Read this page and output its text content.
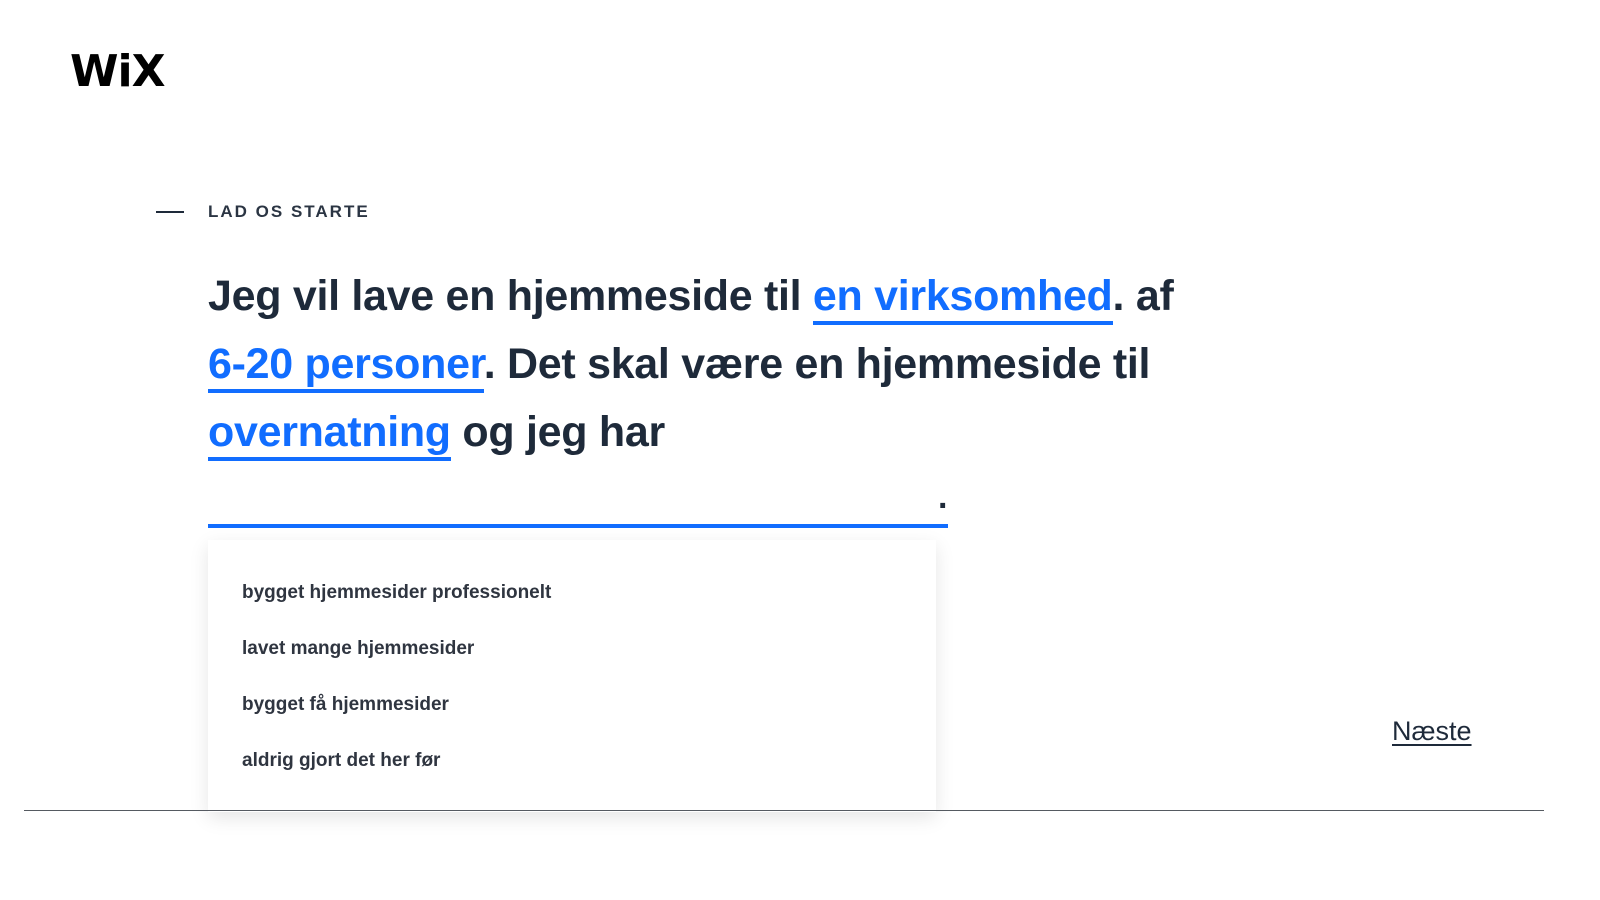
WiX
LAD OS STARTE
Jeg vil lave en hjemmeside til en virksomhed. af
6-20 personer. Det skal være en hjemmeside til
overnatning og jeg har
.
bygget hjemmesider professionelt
lavet mange hjemmesider
bygget få hjemmesider
aldrig gjort det her før
Næste
